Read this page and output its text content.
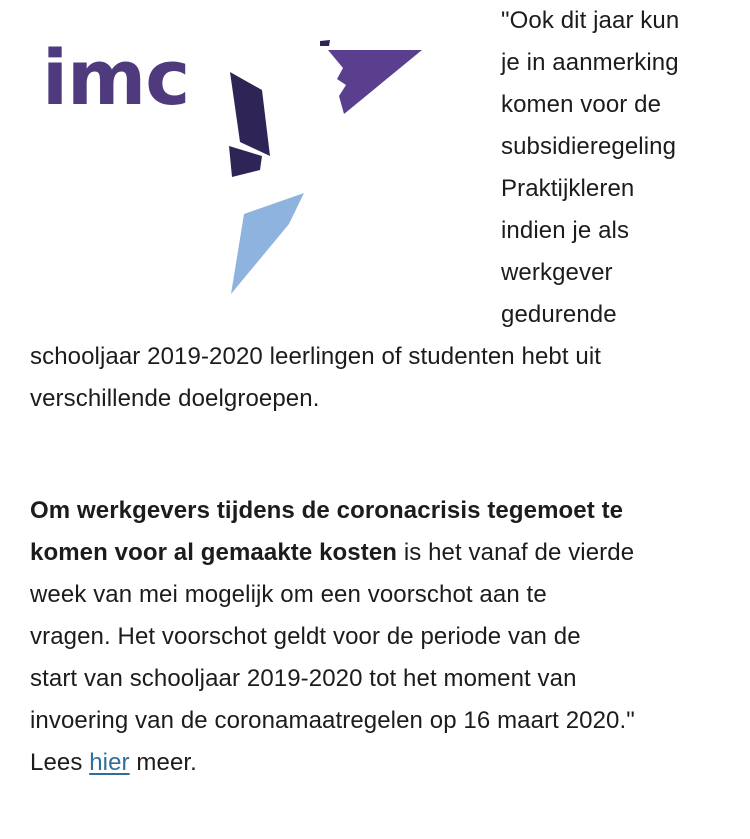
imc
"Ook dit jaar kun
je in aanmerking
komen voor de
subsidieregeling
Praktijkleren
indien je als
werkgever
gedurende
schooljaar 2019-2020 leerlingen of studenten hebt uit
verschillende doelgroepen.
Om werkgevers tijdens de coronacrisis tegemoet te
komen voor al gemaakte kosten is het vanaf de vierde
week van mei mogelijk om een voorschot aan te
vragen. Het voorschot geldt voor de periode van de
start van schooljaar 2019-2020 tot het moment van
invoering van de coronamaatregelen op 16 maart 2020."
Lees hier meer.
